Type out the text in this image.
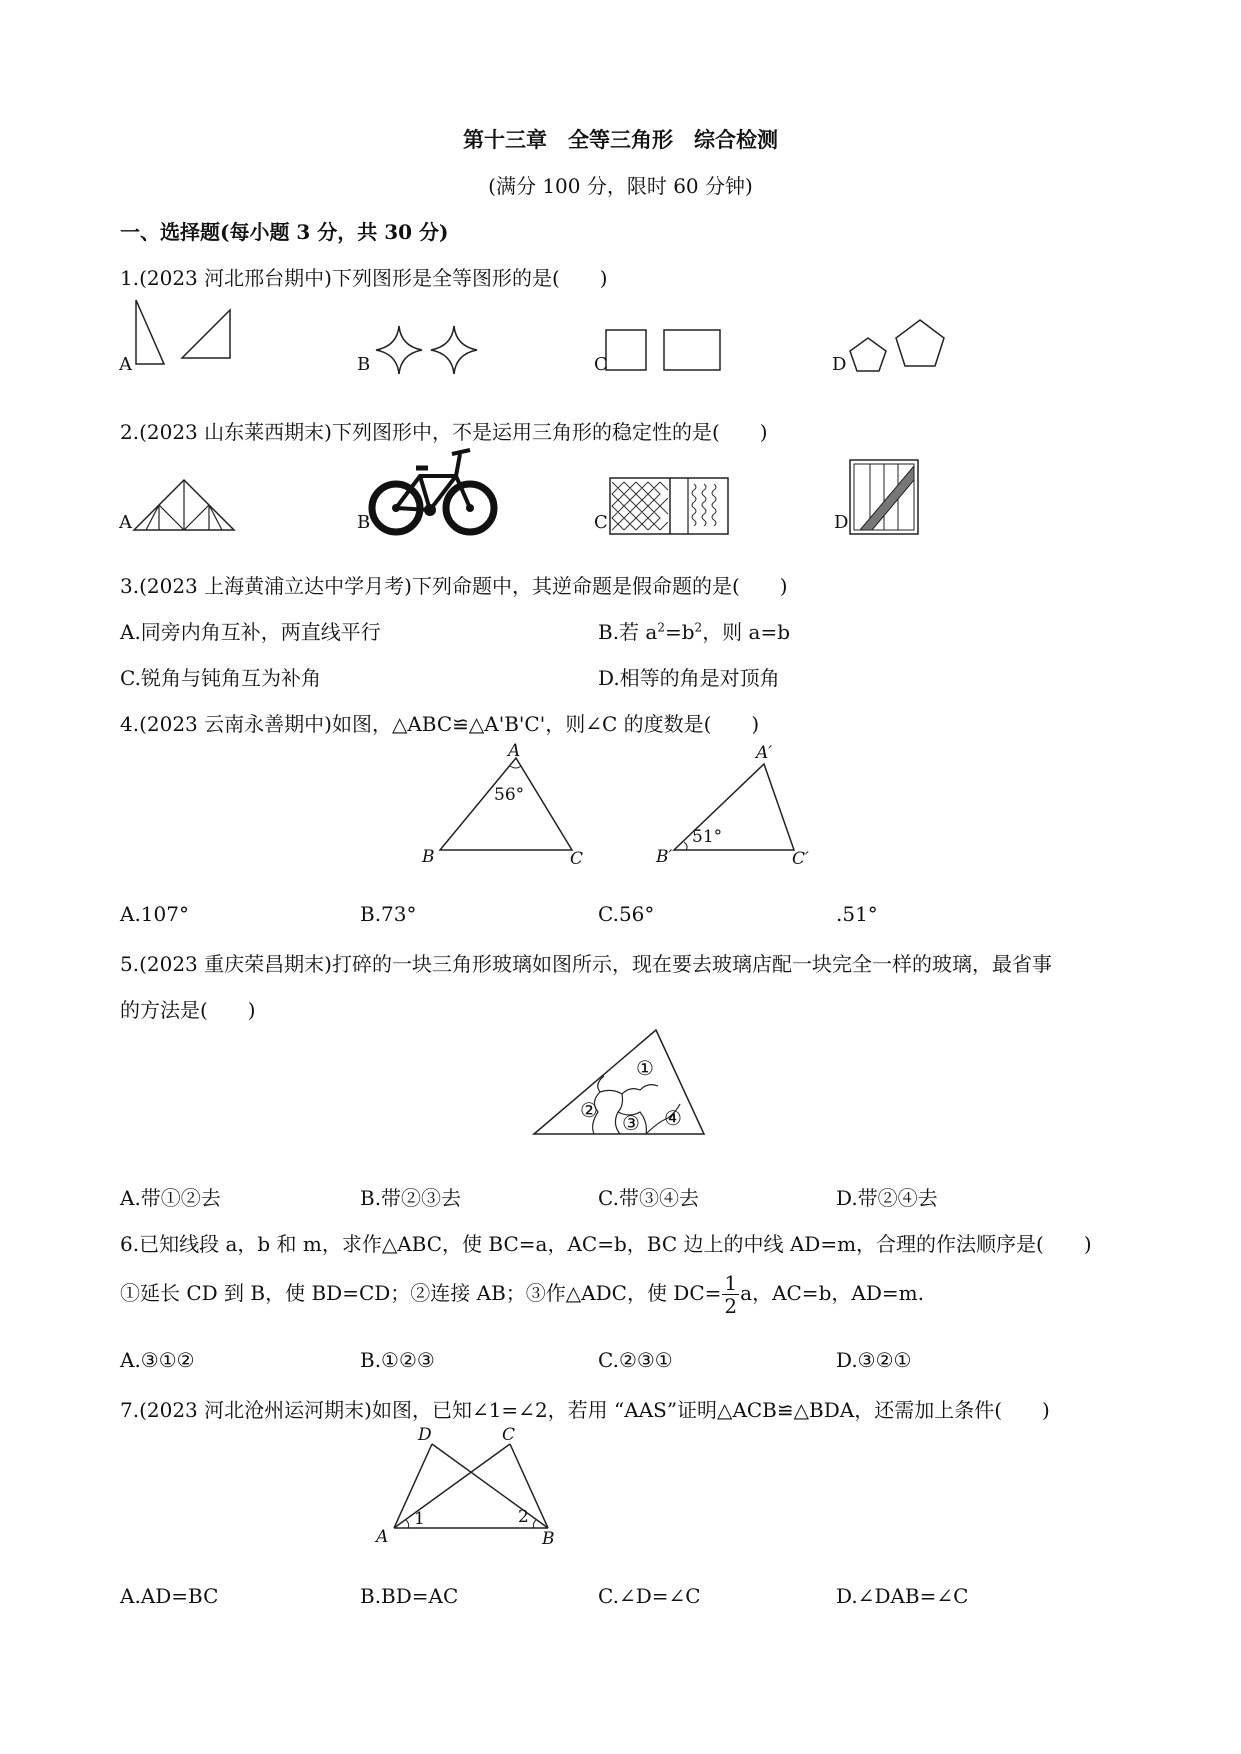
第十三章　全等三角形　综合检测
(满分 100 分，限时 60 分钟)
一、选择题(每小题 3 分，共 30 分)
1.(2023 河北邢台期中)下列图形是全等图形的是(　　)
A	B	C	D
2.(2023 山东莱西期末)下列图形中，不是运用三角形的稳定性的是(　　)
A	B	C	D
3.(2023 上海黄浦立达中学月考)下列命题中，其逆命题是假命题的是(　　)
A.同旁内角互补，两直线平行	B.若 $a^2=b^2$，则 a=b
C.锐角与钝角互为补角	D.相等的角是对顶角
4.(2023 云南永善期中)如图，△ABC≌△A'B'C'，则∠C 的度数是(　　)
A
B	C
56°
A′
B′	C′
51°
A.107°	B.73°	C.56°	.51°
5.(2023 重庆荣昌期末)打碎的一块三角形玻璃如图所示，现在要去玻璃店配一块完全一样的玻璃，最省事
的方法是(　　)
①
②
③ ④
A.带①②去	B.带②③去	C.带③④去	D.带②④去
6.已知线段 a，b 和 m，求作△ABC，使 BC=a，AC=b，BC 边上的中线 AD=m，合理的作法顺序是(　　)
①延长 CD 到 B，使 BD=CD；②连接 AB；③作△ADC，使 $DC= \frac{1}{2}$ a，AC=b，AD=m.
A.③①②	B.①②③	C.②③①	D.③②①
7.(2023 河北沧州运河期末)如图，已知∠1=∠2，若用 “AAS”证明△ACB≌△BDA，还需加上条件(　　)
D	C
A	B
1	2
A.AD=BC	B.BD=AC	C.∠D=∠C	D.∠DAB=∠C
